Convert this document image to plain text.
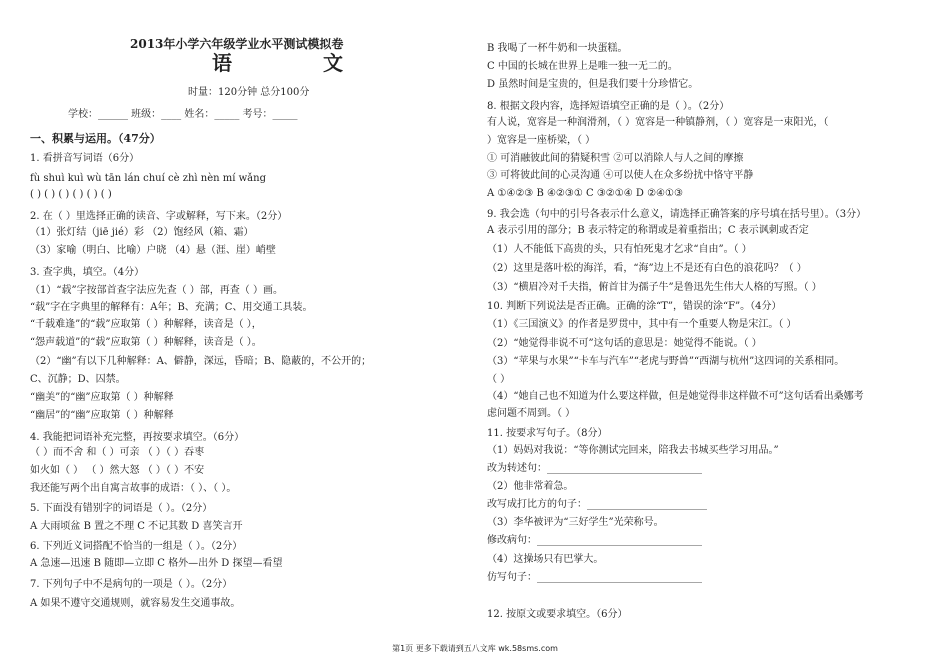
2013年小学六年级学业水平测试模拟卷
语 文
时量：120分钟 总分100分
学校：______ 班级：____ 姓名：_____ 考号：_____
一、积累与运用。（47分）
1. 看拼音写词语（6分）
fù shuì kuì wù tān lán chuí cè zhì nèn mí wǎng
( ) ( ) ( ) ( ) ( ) ( )
2. 在（ ）里选择正确的读音、字或解释，写下来。（2分）
（1）张灯结（jiē jié）彩 （2）饱经风（箱、霜）
（3）家喻（明白、比喻）户晓 （4）悬（涯、崖）峭壁
3. 查字典，填空。（4分）
（1）“载”字按部首查字法应先查（ ）部，再查（ ）画。
“载”字在字典里的解释有：A年；B、充满；C、用交通工具装。
“千载难逢”的“载”应取第（ ）种解释，读音是（ ），
“怨声载道”的“载”应取第（ ）种解释，读音是（ ）。
（2）“幽”有以下几种解释：A、僻静，深远，昏暗；B、隐蔽的，不公开的；
C、沉静；D、囚禁。
“幽美”的“幽”应取第（ ）种解释
“幽居”的“幽”应取第（ ）种解释
4. 我能把词语补充完整，再按要求填空。（6分）
（ ）而不舍 和（ ）可亲 （ ）（ ）吞枣
如火如（ ） （ ）然大怒 （ ）（ ）不安
我还能写两个出自寓言故事的成语：（ ）、（ ）。
5. 下面没有错别字的词语是（ ）。（2分）
A 大雨顷盆 B 置之不理 C 不记其数 D 喜笑言开
6. 下列近义词搭配不恰当的一组是（ ）。（2分）
A 急速—迅速 B 随即—立即 C 格外—出外 D 探望—看望
7. 下列句子中不是病句的一项是（ ）。（2分）
A 如果不遵守交通规则，就容易发生交通事故。
B 我喝了一杯牛奶和一块蛋糕。
C 中国的长城在世界上是唯一独一无二的。
D 虽然时间是宝贵的，但是我们要十分珍惜它。
8. 根据文段内容，选择短语填空正确的是（ ）。（2分）
有人说，宽容是一种润滑剂，（ ）宽容是一种镇静剂，（ ）宽容是一束阳光，（
）宽容是一座桥梁，（ ）
① 可消融彼此间的猜疑积雪 ②可以消除人与人之间的摩擦
③ 可将彼此间的心灵沟通 ④可以使人在众多纷扰中恪守平静
A ①④②③ B ④②③① C ③②①④ D ②④①③
9. 我会选（句中的引号各表示什么意义，请选择正确答案的序号填在括号里）。（3分）
A 表示引用的部分；B 表示特定的称谓或是着重指出；C 表示讽刺或否定
（1）人不能低下高贵的头，只有怕死鬼才乞求“自由”。（ ）
（2）这里是落叶松的海洋，看，“海”边上不是还有白色的浪花吗？（ ）
（3）“横眉冷对千夫指，俯首甘为孺子牛”是鲁迅先生伟大人格的写照。（ ）
10. 判断下列说法是否正确。正确的涂“T”，错误的涂“F”。（4分）
（1）《三国演义》的作者是罗贯中，其中有一个重要人物是宋江。（ ）
（2）“她觉得非说不可”这句话的意思是：她觉得不能说。（ ）
（3）“苹果与水果”“卡车与汽车”“老虎与野兽”“西湖与杭州”这四词的关系相同。
（ ）
（4）“她自己也不知道为什么要这样做，但是她觉得非这样做不可”这句话看出桑娜考
虑问题不周到。（ ）
11. 按要求写句子。（8分）
（1）妈妈对我说：“等你测试完回来，陪我去书城买些学习用品。”
改为转述句：_______________________________
（2）他非常着急。
改写成打比方的句子：________________________
（3）李华被评为“三好学生”光荣称号。
修改病句：_________________________________
（4）这操场只有巴掌大。
仿写句子：_________________________________
12. 按原文或要求填空。（6分）
第1页 更多下载请到五八文库 wk.58sms.com
